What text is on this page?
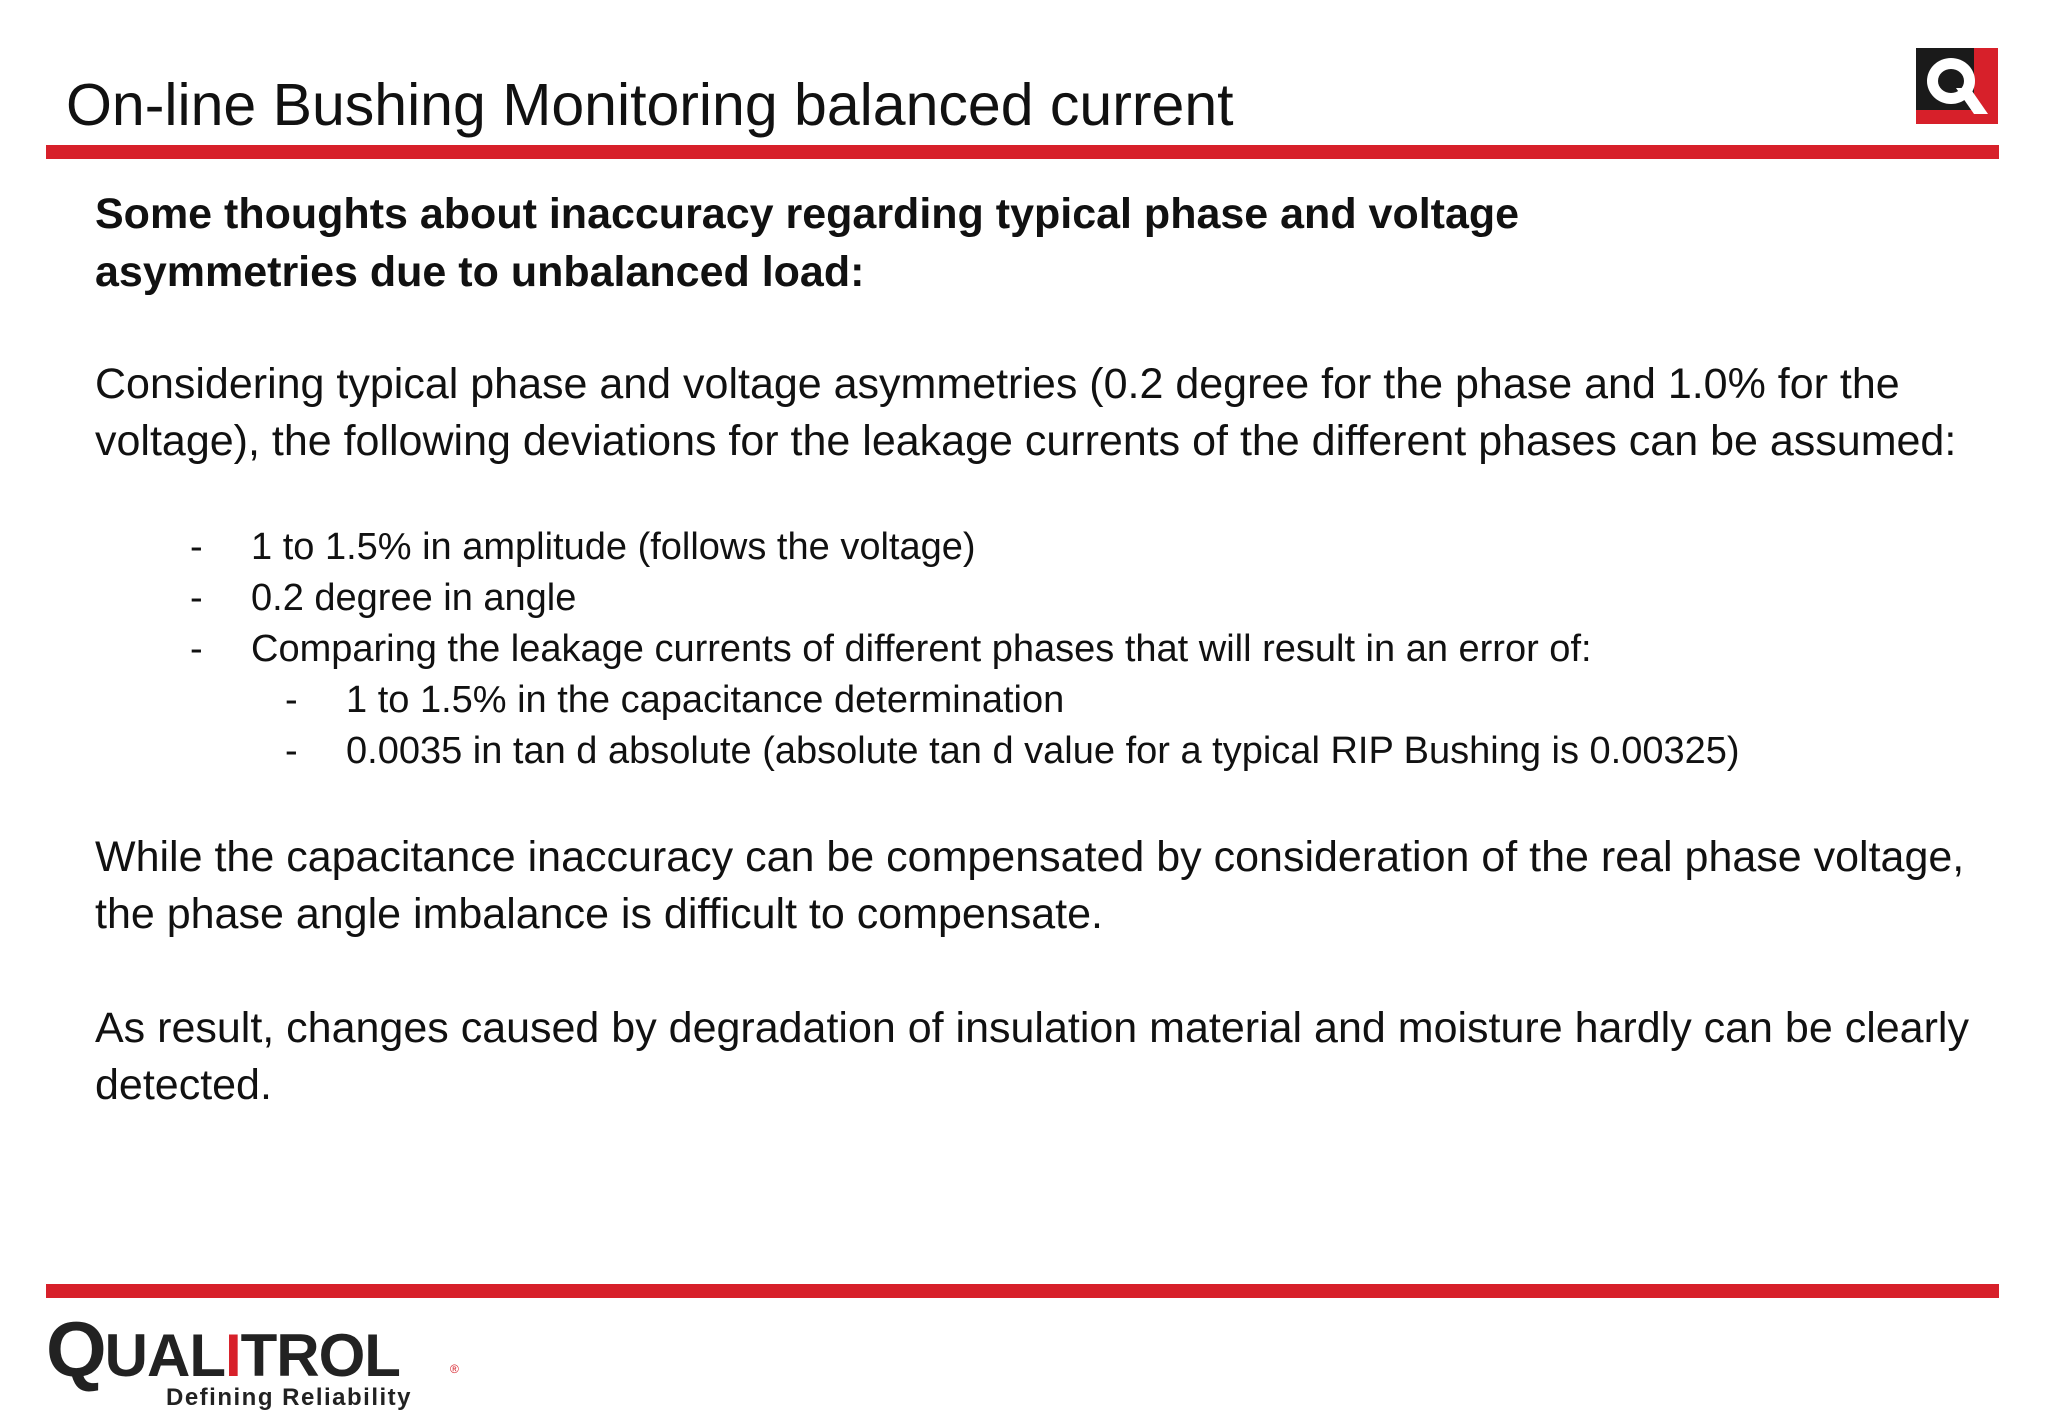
On-line Bushing Monitoring balanced current

Some thoughts about inaccuracy regarding typical phase and voltage
asymmetries due to unbalanced load:

Considering typical phase and voltage asymmetries (0.2 degree for the phase and 1.0% for the voltage), the following deviations for the leakage currents of the different phases can be assumed:

- 1 to 1.5% in amplitude (follows the voltage)
- 0.2 degree in angle
- Comparing the leakage currents of different phases that will result in an error of:
- 1 to 1.5% in the capacitance determination
- 0.0035 in tan d absolute (absolute tan d value for a typical RIP Bushing is 0.00325)

While the capacitance inaccuracy can be compensated by consideration of the real phase voltage, the phase angle imbalance is difficult to compensate.

As result, changes caused by degradation of insulation material and moisture hardly can be clearly detected.

QUALITROL	®
Defining Reliability
